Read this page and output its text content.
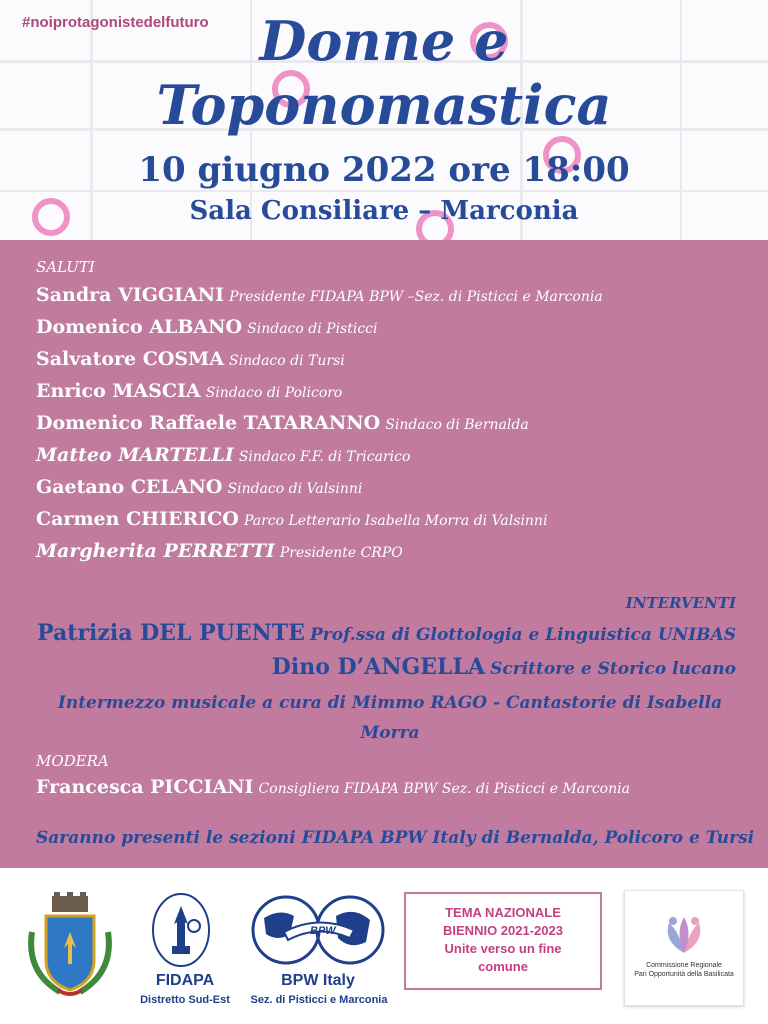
#noiprotagonistedelfuturo Donne e
Toponomastica
10 giugno 2022 ore 18:00
Sala Consiliare – Marconia
SALUTI
Sandra VIGGIANI Presidente FIDAPA BPW –Sez. di Pisticci e Marconia
Domenico ALBANO Sindaco di Pisticci
Salvatore COSMA Sindaco di Tursi
Enrico MASCIA Sindaco di Policoro
Domenico Raffaele TATARANNO Sindaco di Bernalda
Matteo MARTELLI Sindaco F.F. di Tricarico
Gaetano CELANO Sindaco di Valsinni
Carmen CHIERICO Parco Letterario Isabella Morra di Valsinni
Margherita PERRETTI Presidente CRPO
INTERVENTI
Patrizia DEL PUENTE Prof.ssa di Glottologia e Linguistica UNIBAS
Dino D’ANGELLA Scrittore e Storico lucano
Intermezzo musicale a cura di Mimmo RAGO - Cantastorie di Isabella Morra
MODERA
Francesca PICCIANI Consigliera FIDAPA BPW Sez. di Pisticci e Marconia
Saranno presenti le sezioni FIDAPA BPW Italy di Bernalda, Policoro e Tursi
FIDAPA
Distretto Sud-Est
BPW
BPW Italy
Sez. di Pisticci e Marconia
TEMA NAZIONALE
BIENNIO 2021-2023
Unite verso un fine
comune	Commissione Regionale
Pari Opportunità della Basilicata
